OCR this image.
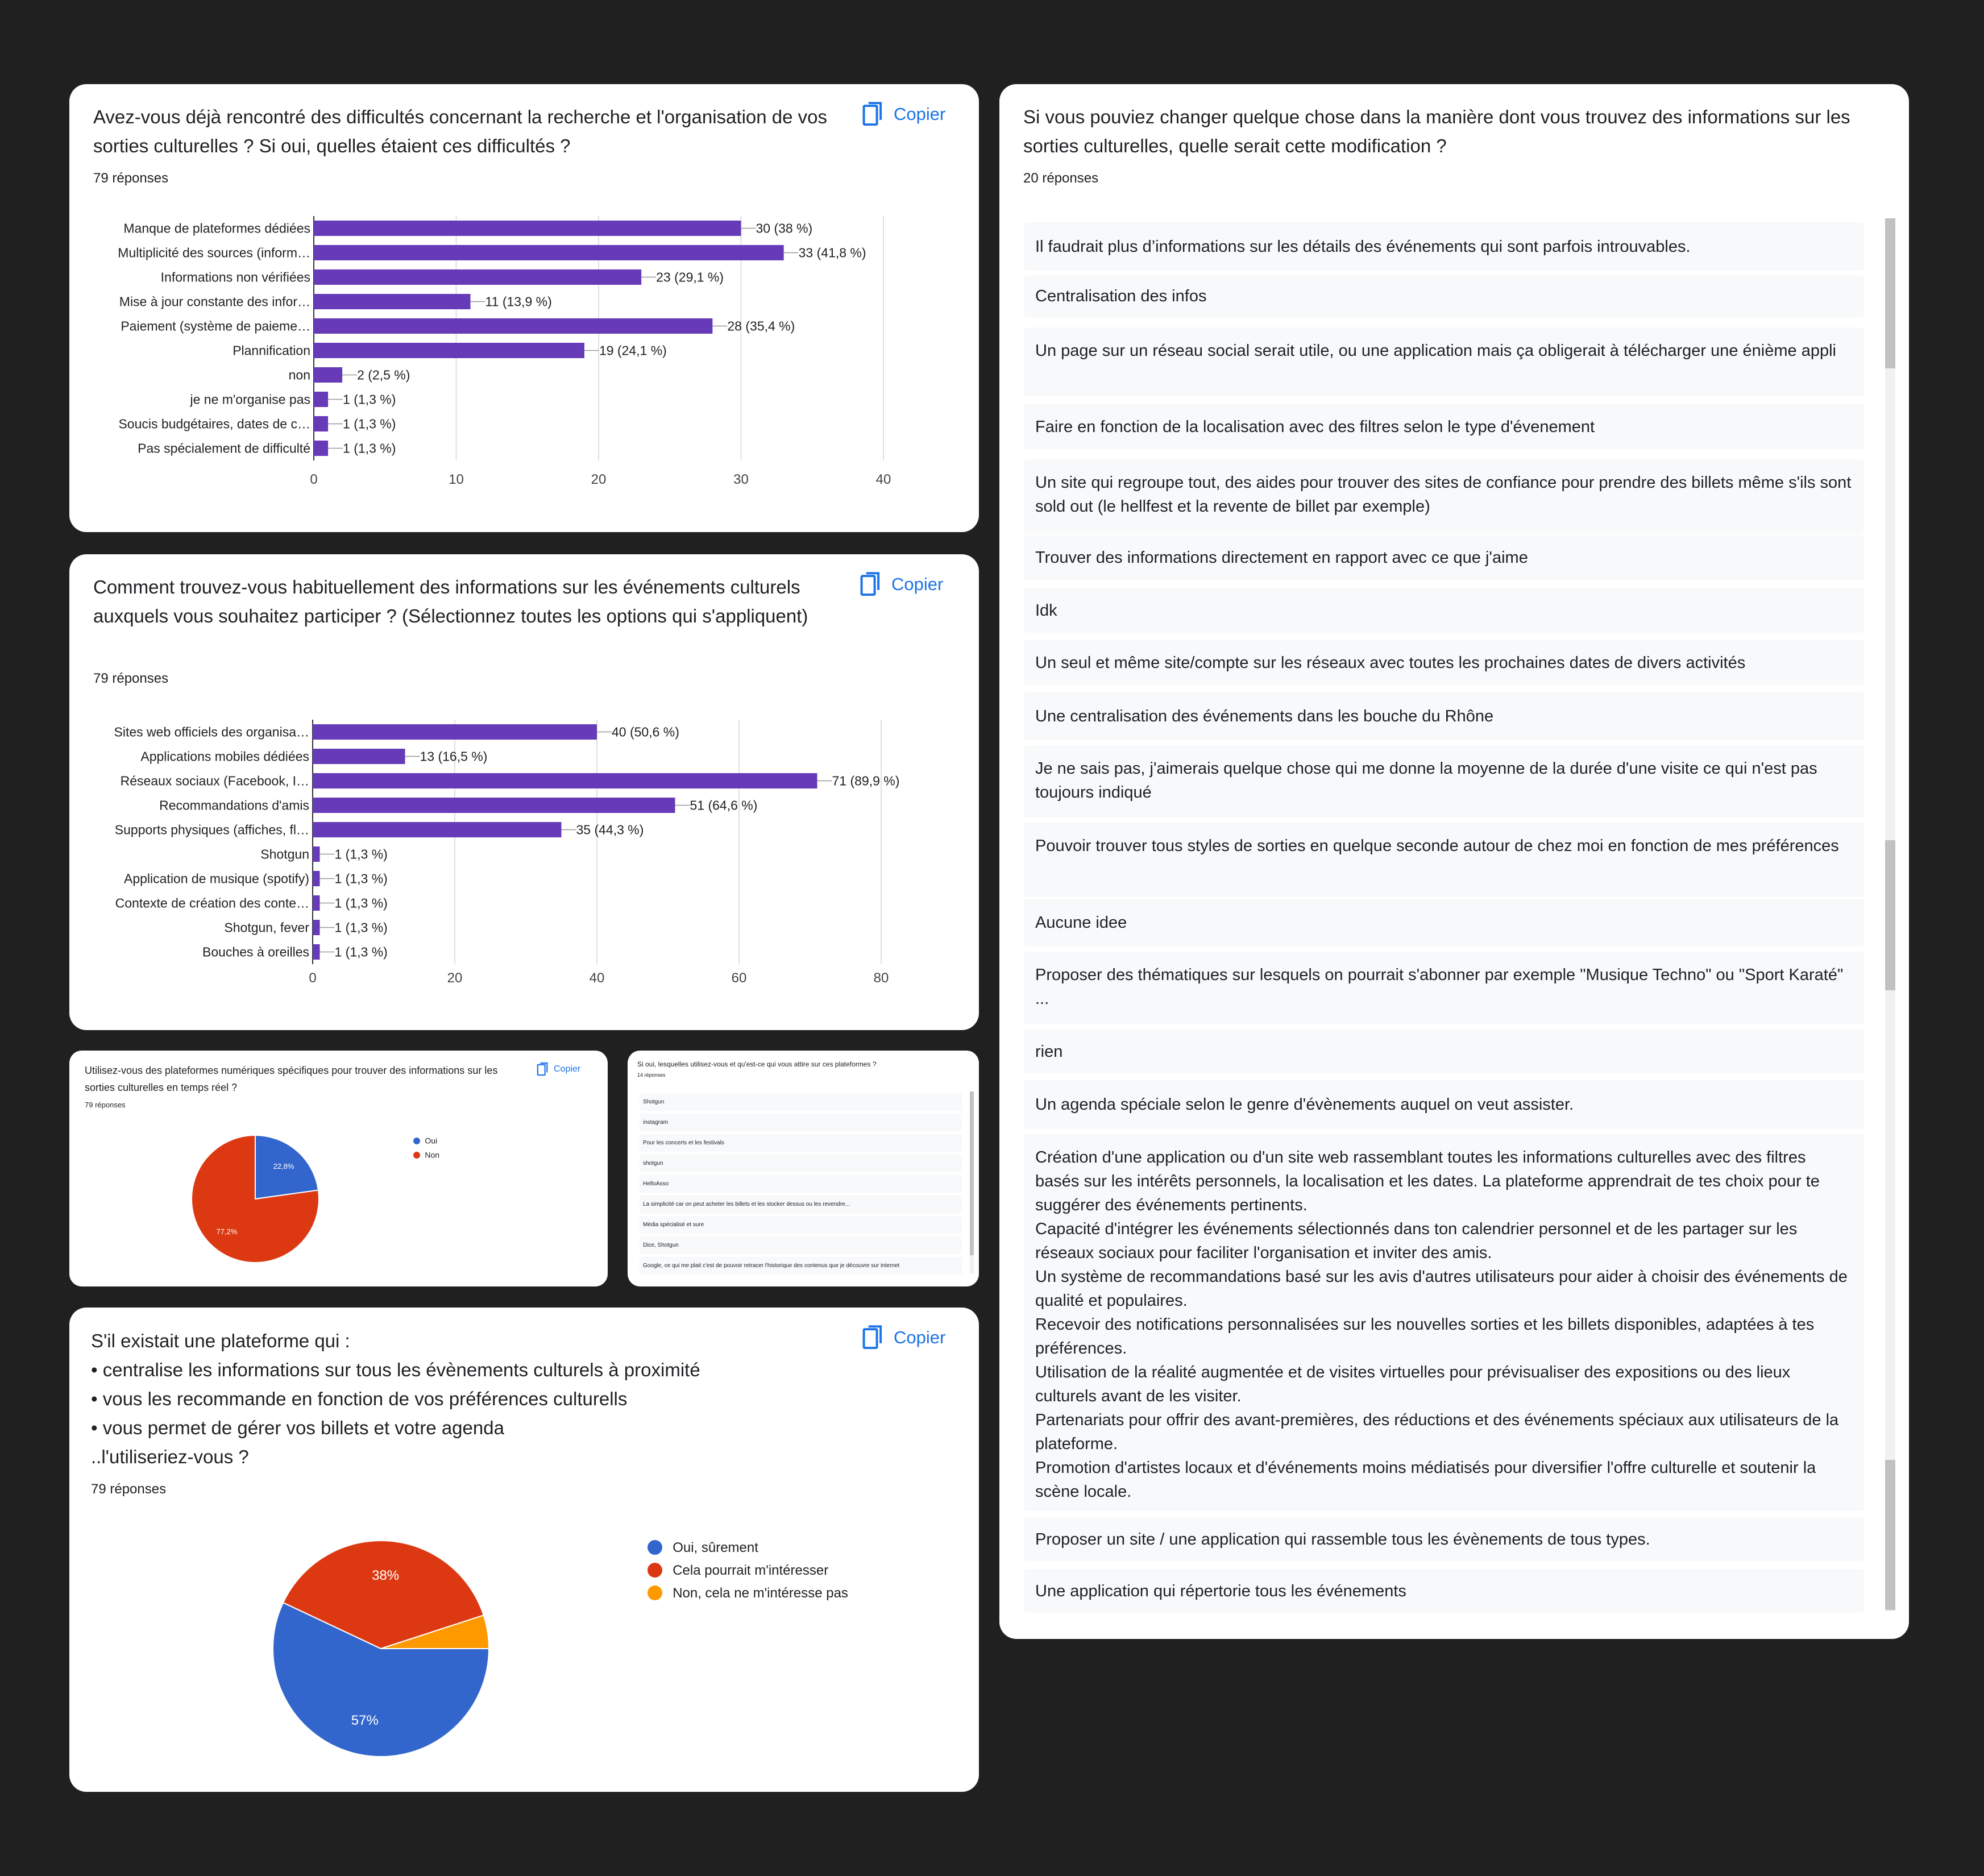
Avez-vous déjà rencontré des difficultés concernant la recherche et l'organisation de vos sorties culturelles ? Si oui, quelles étaient ces difficultés ?
79 réponses
Copier
0	10	20	30	40
Manque de plateformes dédiées	30 (38 %)
Multiplicité des sources (inform…	33 (41,8 %)
Informations non vérifiées	23 (29,1 %)
Mise à jour constante des infor…	11 (13,9 %)
Paiement (système de paieme…	28 (35,4 %)
Plannification	19 (24,1 %)
non	2 (2,5 %)
je ne m'organise pas 1 (1,3 %)
Soucis budgétaires, dates de c… 1 (1,3 %)
Pas spécialement de difficulté 1 (1,3 %)
Comment trouvez-vous habituellement des informations sur les événements culturels auxquels vous souhaitez participer ? (Sélectionnez toutes les options qui s'appliquent)
79 réponses
Copier
0	20	40	60	80
Sites web officiels des organisa…	40 (50,6 %)
Applications mobiles dédiées	13 (16,5 %)
Réseaux sociaux (Facebook, I…	71 (89,9 %)
Recommandations d'amis	51 (64,6 %)
Supports physiques (affiches, fl…	35 (44,3 %)
Shotgun 1 (1,3 %)
Application de musique (spotify) 1 (1,3 %)
Contexte de création des conte… 1 (1,3 %)
Shotgun, fever 1 (1,3 %)
Bouches à oreilles 1 (1,3 %)
Utilisez-vous des plateformes numériques spécifiques pour trouver des informations sur les sorties culturelles en temps réel ?
79 réponses
Copier
22,8%
77,2%
Oui
Non
Si oui, lesquelles utilisez-vous et qu'est-ce qui vous attire sur ces plateformes ?
14 réponses
Shotgun
instagram
Pour les concerts et les festivals
shotgun
HelloAsso
La simplicité car on peut acheter les billets et les stocker dessus ou les revendre...
Média spécialisé et sure
Dice, Shotgun
Google, ce qui me plait c'est de pouvoir retracer l'historique des contenus que je découvre sur internet
S'il existait une plateforme qui :
• centralise les informations sur tous les évènements culturels à proximité
• vous les recommande en fonction de vos préférences culturells
• vous permet de gérer vos billets et votre agenda
..l'utiliseriez-vous ?
79 réponses
Copier
57%
38%
Oui, sûrement
Cela pourrait m'intéresser
Non, cela ne m'intéresse pas
Si vous pouviez changer quelque chose dans la manière dont vous trouvez des informations sur les sorties culturelles, quelle serait cette modification ?
20 réponses
Il faudrait plus d’informations sur les détails des événements qui sont parfois introuvables.
Centralisation des infos
Un page sur un réseau social serait utile, ou une application mais ça obligerait à télécharger une énième appli
Faire en fonction de la localisation avec des filtres selon le type d'évenement
Un site qui regroupe tout, des aides pour trouver des sites de confiance pour prendre des billets même s'ils sont sold out (le hellfest et la revente de billet par exemple)
Trouver des informations directement en rapport avec ce que j'aime
Idk
Un seul et même site/compte sur les réseaux avec toutes les prochaines dates de divers activités
Une centralisation des événements dans les bouche du Rhône
Je ne sais pas, j'aimerais quelque chose qui me donne la moyenne de la durée d'une visite ce qui n'est pas toujours indiqué
Pouvoir trouver tous styles de sorties en quelque seconde autour de chez moi en fonction de mes préférences
Aucune idee
Proposer des thématiques sur lesquels on pourrait s'abonner par exemple "Musique Techno" ou "Sport Karaté" ...
rien
Un agenda spéciale selon le genre d'évènements auquel on veut assister.
Création d'une application ou d'un site web rassemblant toutes les informations culturelles avec des filtres basés sur les intérêts personnels, la localisation et les dates. La plateforme apprendrait de tes choix pour te suggérer des événements pertinents.
Capacité d'intégrer les événements sélectionnés dans ton calendrier personnel et de les partager sur les réseaux sociaux pour faciliter l'organisation et inviter des amis.
Un système de recommandations basé sur les avis d'autres utilisateurs pour aider à choisir des événements de qualité et populaires.
Recevoir des notifications personnalisées sur les nouvelles sorties et les billets disponibles, adaptées à tes préférences.
Utilisation de la réalité augmentée et de visites virtuelles pour prévisualiser des expositions ou des lieux culturels avant de les visiter.
Partenariats pour offrir des avant-premières, des réductions et des événements spéciaux aux utilisateurs de la plateforme.
Promotion d'artistes locaux et d'événements moins médiatisés pour diversifier l'offre culturelle et soutenir la scène locale.
Proposer un site / une application qui rassemble tous les évènements de tous types.
Une application qui répertorie tous les événements
